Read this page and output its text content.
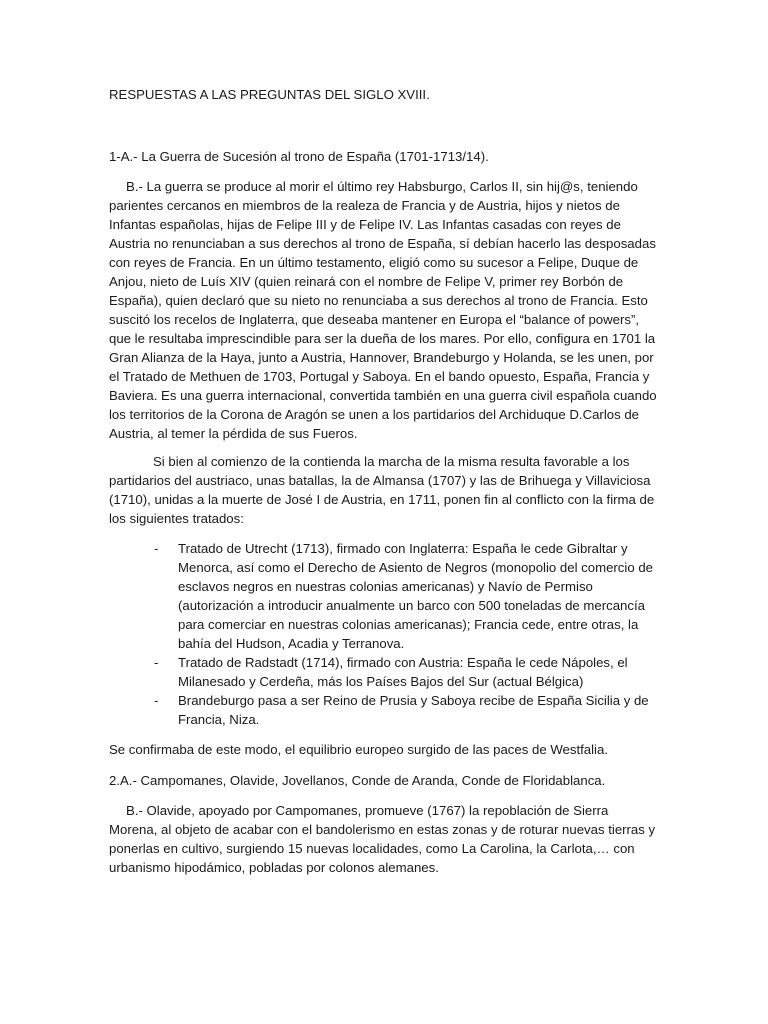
RESPUESTAS A LAS PREGUNTAS DEL SIGLO XVIII.

1-A.- La Guerra de Sucesión al trono de España (1701-1713/14).

B.- La guerra se produce al morir el último rey Habsburgo, Carlos II, sin hij@s, teniendo parientes cercanos en miembros de la realeza de Francia y de Austria, hijos y nietos de Infantas españolas, hijas de Felipe III y de Felipe IV. Las Infantas casadas con reyes de Austria no renunciaban a sus derechos al trono de España, sí debían hacerlo las desposadas con reyes de Francia. En un último testamento, eligió como su sucesor a Felipe, Duque de Anjou, nieto de Luís XIV (quien reinará con el nombre de Felipe V, primer rey Borbón de España), quien declaró que su nieto no renunciaba a sus derechos al trono de Francia. Esto suscitó los recelos de Inglaterra, que deseaba mantener en Europa el “balance of powers”, que le resultaba imprescindible para ser la dueña de los mares. Por ello, configura en 1701 la Gran Alianza de la Haya, junto a Austria, Hannover, Brandeburgo y Holanda, se les unen, por el Tratado de Methuen de 1703, Portugal y Saboya. En el bando opuesto, España, Francia y Baviera. Es una guerra internacional, convertida también en una guerra civil española cuando los territorios de la Corona de Aragón se unen a los partidarios del Archiduque D.Carlos de Austria, al temer la pérdida de sus Fueros.

Si bien al comienzo de la contienda la marcha de la misma resulta favorable a los partidarios del austriaco, unas batallas, la de Almansa (1707) y las de Brihuega y Villaviciosa (1710), unidas a la muerte de José I de Austria, en 1711, ponen fin al conflicto con la firma de los siguientes tratados:

- Tratado de Utrecht (1713), firmado con Inglaterra: España le cede Gibraltar y Menorca, así como el Derecho de Asiento de Negros (monopolio del comercio de esclavos negros en nuestras colonias americanas) y Navío de Permiso (autorización a introducir anualmente un barco con 500 toneladas de mercancía para comerciar en nuestras colonias americanas); Francia cede, entre otras, la bahía del Hudson, Acadia y Terranova.
- Tratado de Radstadt (1714), firmado con Austria: España le cede Nápoles, el Milanesado y Cerdeña, más los Países Bajos del Sur (actual Bélgica)
- Brandeburgo pasa a ser Reino de Prusia y Saboya recibe de España Sicilia y de Francia, Niza.

Se confirmaba de este modo, el equilibrio europeo surgido de las paces de Westfalia.

2.A.- Campomanes, Olavide, Jovellanos, Conde de Aranda, Conde de Floridablanca.

B.- Olavide, apoyado por Campomanes, promueve (1767) la repoblación de Sierra Morena, al objeto de acabar con el bandolerismo en estas zonas y de roturar nuevas tierras y ponerlas en cultivo, surgiendo 15 nuevas localidades, como La Carolina, la Carlota,… con urbanismo hipodámico, pobladas por colonos alemanes.
